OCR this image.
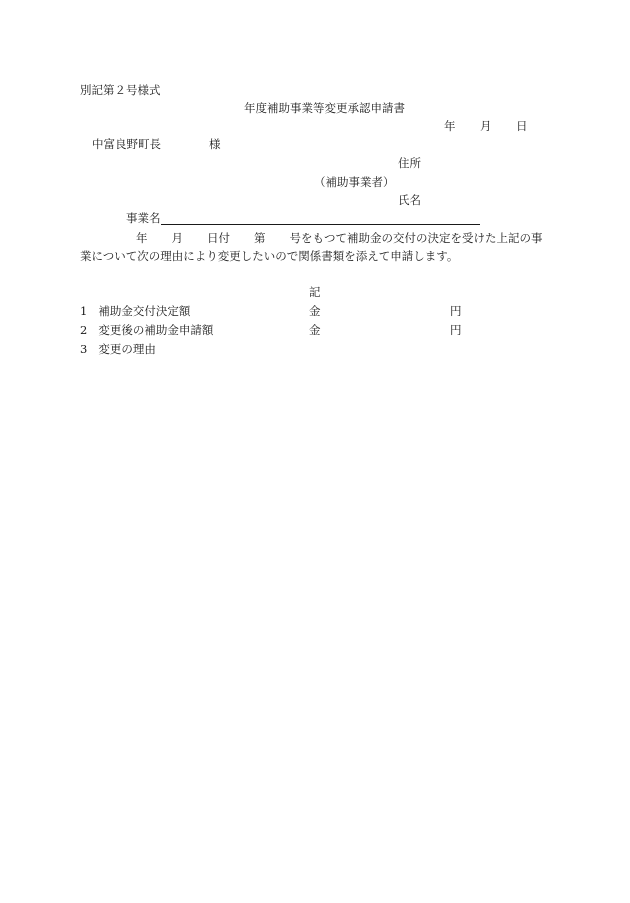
別記第２号様式
年度補助事業等変更承認申請書
年 月 日
中富良野町長	様
住所
（補助事業者）
氏名
事業名
年 月 日付 第 号をもつて補助金の交付の決定を受けた上記の事
業について次の理由により変更したいので関係書類を添えて申請します。
記
1 補助金交付決定額	金	円
2 変更後の補助金申請額	金	円
3 変更の理由
